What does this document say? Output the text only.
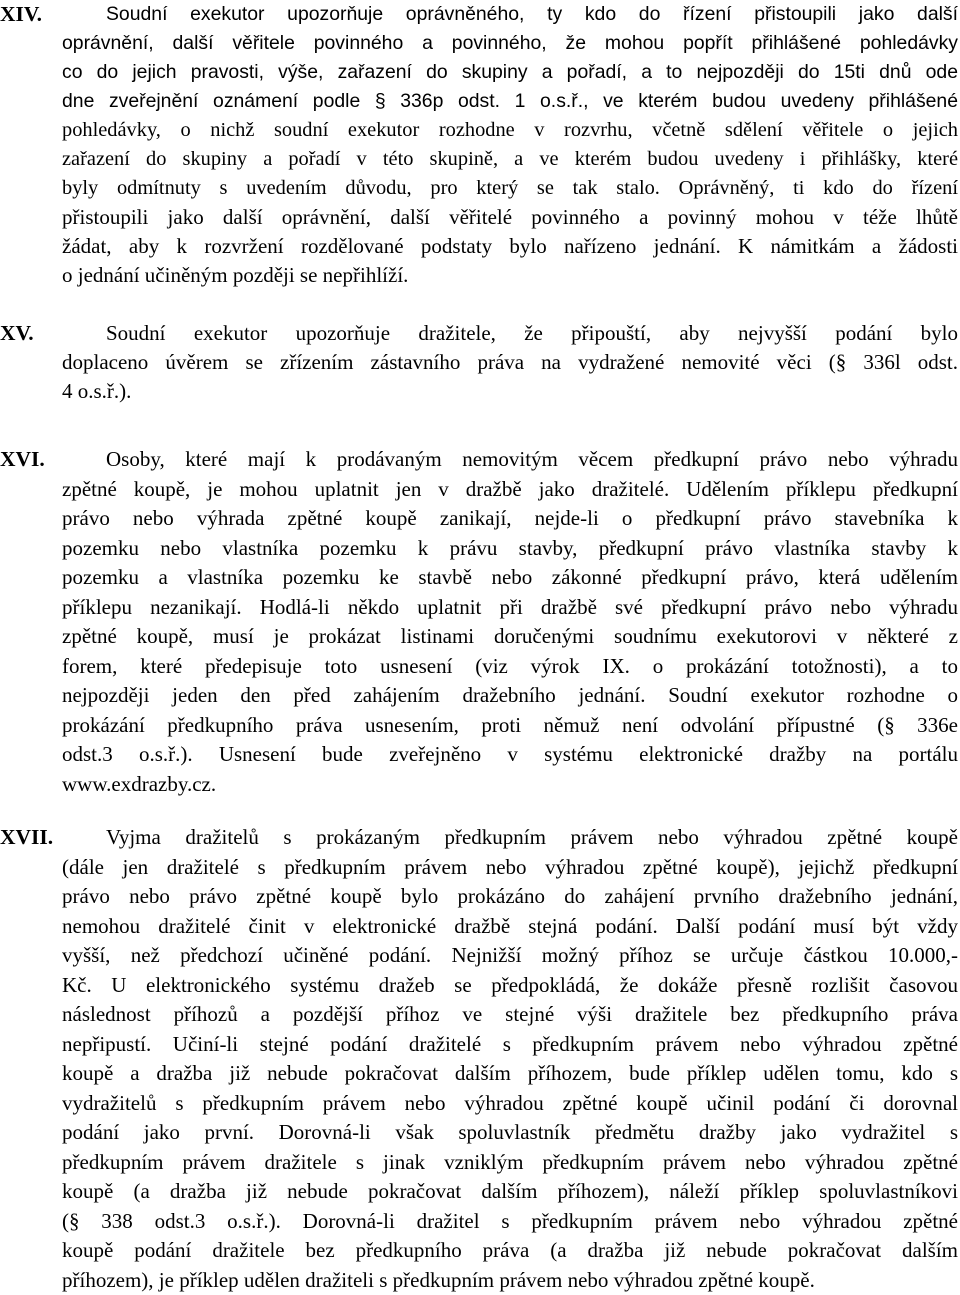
XIV.	Soudní exekutor upozorňuje oprávněného, ty kdo do řízení přistoupili jako další
oprávnění, další věřitele povinného a povinného, že mohou popřít přihlášené pohledávky
co do jejich pravosti, výše, zařazení do skupiny a pořadí, a to nejpozději do 15ti dnů ode
dne zveřejnění oznámení podle § 336p odst. 1 o.s.ř., ve kterém budou uvedeny přihlášené
pohledávky, o nichž soudní exekutor rozhodne v rozvrhu, včetně sdělení věřitele o jejich
zařazení do skupiny a pořadí v této skupině, a ve kterém budou uvedeny i přihlášky, které
byly odmítnuty s uvedením důvodu, pro který se tak stalo. Oprávněný, ti kdo do řízení
přistoupili jako další oprávnění, další věřitelé povinného a povinný mohou v téže lhůtě
žádat, aby k rozvržení rozdělované podstaty bylo nařízeno jednání. K námitkám a žádosti
o jednání učiněným později se nepřihlíží.
XV.	Soudní exekutor upozorňuje dražitele, že připouští, aby nejvyšší podání bylo
doplaceno úvěrem se zřízením zástavního práva na vydražené nemovité věci (§ 336l odst.
4 o.s.ř.).
XVI.	Osoby, které mají k prodávaným nemovitým věcem předkupní právo nebo výhradu
zpětné koupě, je mohou uplatnit jen v dražbě jako dražitelé. Udělením příklepu předkupní
právo nebo výhrada zpětné koupě zanikají, nejde-li o předkupní právo stavebníka k
pozemku nebo vlastníka pozemku k právu stavby, předkupní právo vlastníka stavby k
pozemku a vlastníka pozemku ke stavbě nebo zákonné předkupní právo, která udělením
příklepu nezanikají. Hodlá-li někdo uplatnit při dražbě své předkupní právo nebo výhradu
zpětné koupě, musí je prokázat listinami doručenými soudnímu exekutorovi v některé z
forem, které předepisuje toto usnesení (viz výrok IX. o prokázání totožnosti), a to
nejpozději jeden den před zahájením dražebního jednání. Soudní exekutor rozhodne o
prokázání předkupního práva usnesením, proti němuž není odvolání přípustné (§ 336e
odst.3 o.s.ř.). Usnesení bude zveřejněno v systému elektronické dražby na portálu
www.exdrazby.cz.
XVII.	Vyjma dražitelů s prokázaným předkupním právem nebo výhradou zpětné koupě
(dále jen dražitelé s předkupním právem nebo výhradou zpětné koupě), jejichž předkupní
právo nebo právo zpětné koupě bylo prokázáno do zahájení prvního dražebního jednání,
nemohou dražitelé činit v elektronické dražbě stejná podání. Další podání musí být vždy
vyšší, než předchozí učiněné podání. Nejnižší možný příhoz se určuje částkou 10.000,-
Kč. U elektronického systému dražeb se předpokládá, že dokáže přesně rozlišit časovou
následnost příhozů a pozdější příhoz ve stejné výši dražitele bez předkupního práva
nepřipustí. Učiní-li stejné podání dražitelé s předkupním právem nebo výhradou zpětné
koupě a dražba již nebude pokračovat dalším příhozem, bude příklep udělen tomu, kdo s
vydražitelů s předkupním právem nebo výhradou zpětné koupě učinil podání či dorovnal
podání jako první. Dorovná-li však spoluvlastník předmětu dražby jako vydražitel s
předkupním právem dražitele s jinak vzniklým předkupním právem nebo výhradou zpětné
koupě (a dražba již nebude pokračovat dalším příhozem), náleží příklep spoluvlastníkovi
(§ 338 odst.3 o.s.ř.). Dorovná-li dražitel s předkupním právem nebo výhradou zpětné
koupě podání dražitele bez předkupního práva (a dražba již nebude pokračovat dalším
příhozem), je příklep udělen dražiteli s předkupním právem nebo výhradou zpětné koupě.
